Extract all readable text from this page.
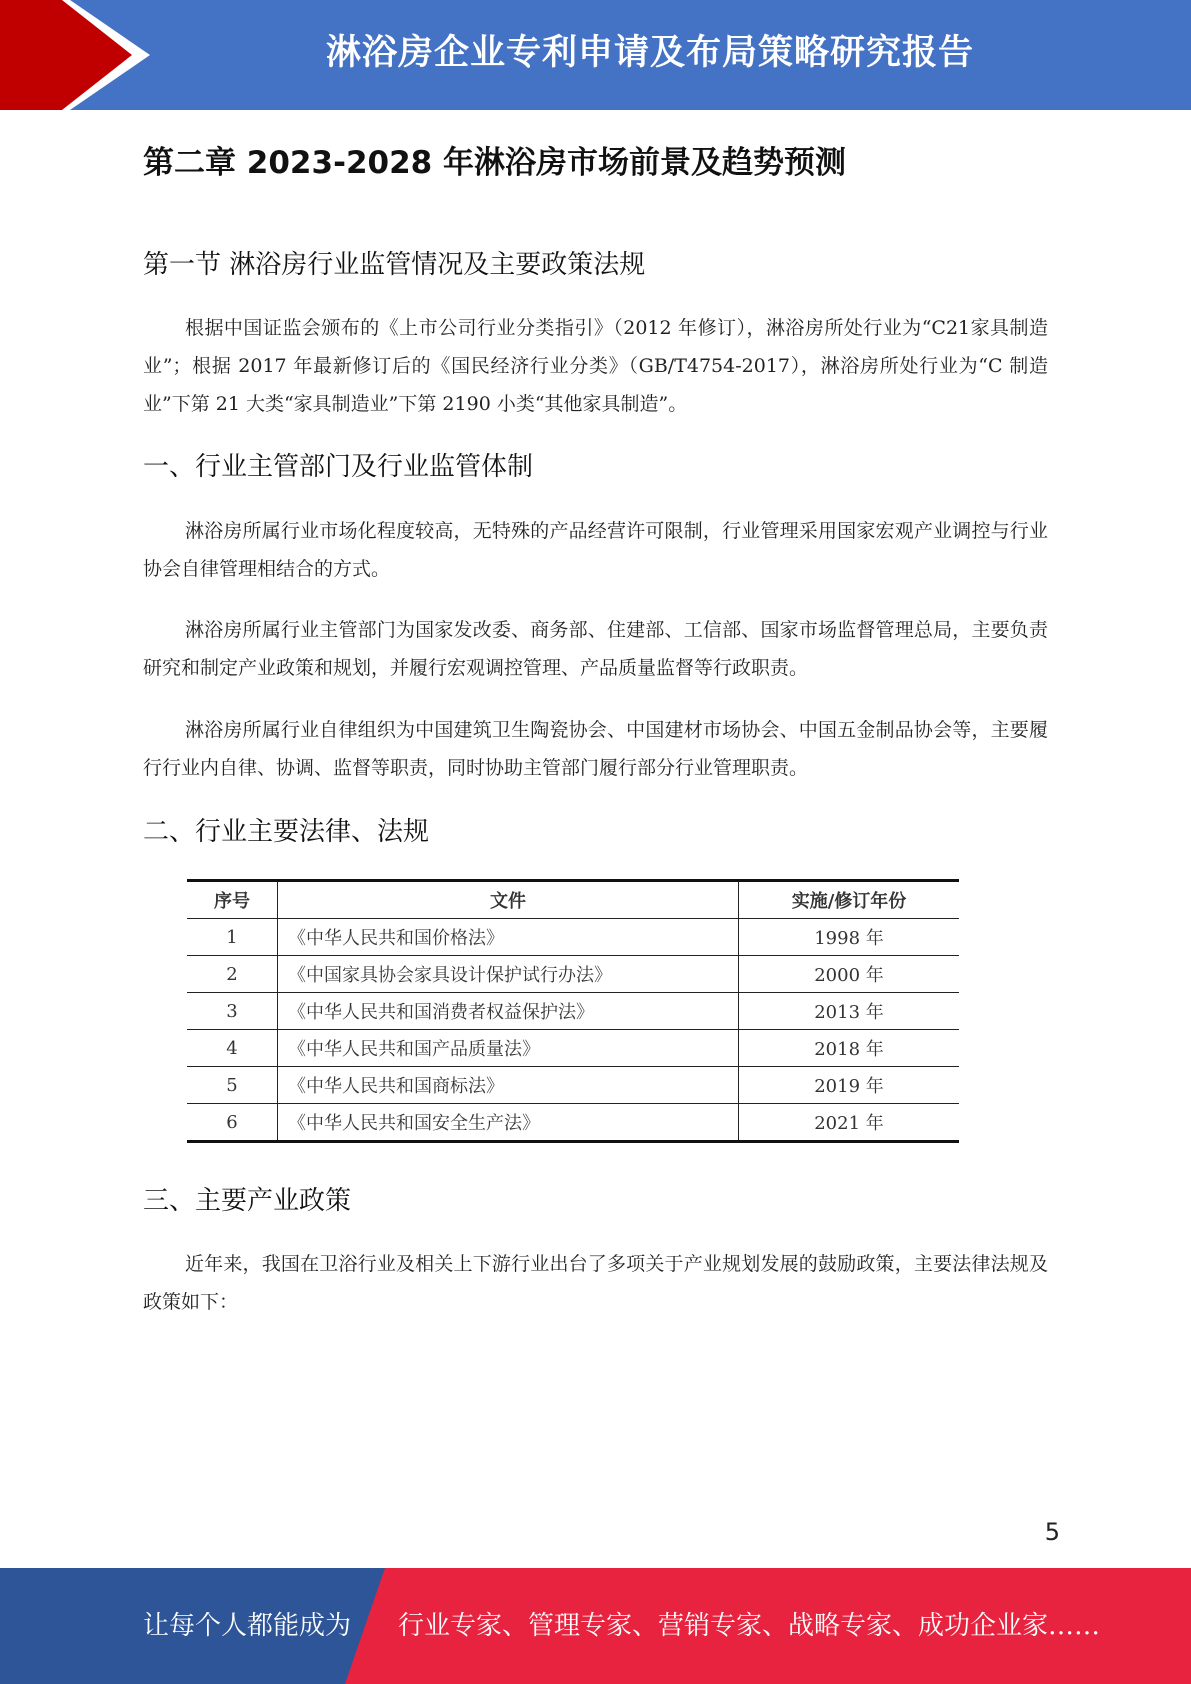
淋浴房企业专利申请及布局策略研究报告
第二章 2023-2028 年淋浴房市场前景及趋势预测
第一节 淋浴房行业监管情况及主要政策法规

根据中国证监会颁布的《上市公司行业分类指引》（2012 年修订），淋浴房所处行业为“C21家具制造业”；根据 2017 年最新修订后的《国民经济行业分类》（GB/T4754-2017），淋浴房所处行业为“C 制造业”下第 21 大类“家具制造业”下第 2190 小类“其他家具制造”。

一、行业主管部门及行业监管体制

淋浴房所属行业市场化程度较高，无特殊的产品经营许可限制，行业管理采用国家宏观产业调控与行业协会自律管理相结合的方式。

淋浴房所属行业主管部门为国家发改委、商务部、住建部、工信部、国家市场监督管理总局，主要负责研究和制定产业政策和规划，并履行宏观调控管理、产品质量监督等行政职责。

淋浴房所属行业自律组织为中国建筑卫生陶瓷协会、中国建材市场协会、中国五金制品协会等，主要履行行业内自律、协调、监督等职责，同时协助主管部门履行部分行业管理职责。

二、行业主要法律、法规
序号	文件	实施/修订年份
1	《中华人民共和国价格法》	1998 年
2	《中国家具协会家具设计保护试行办法》	2000 年
3	《中华人民共和国消费者权益保护法》	2013 年
4	《中华人民共和国产品质量法》	2018 年
5	《中华人民共和国商标法》	2019 年
6	《中华人民共和国安全生产法》	2021 年
三、主要产业政策

近年来，我国在卫浴行业及相关上下游行业出台了多项关于产业规划发展的鼓励政策，主要法律法规及政策如下：

5
让每个人都能成为 行业专家、管理专家、营销专家、战略专家、成功企业家……
